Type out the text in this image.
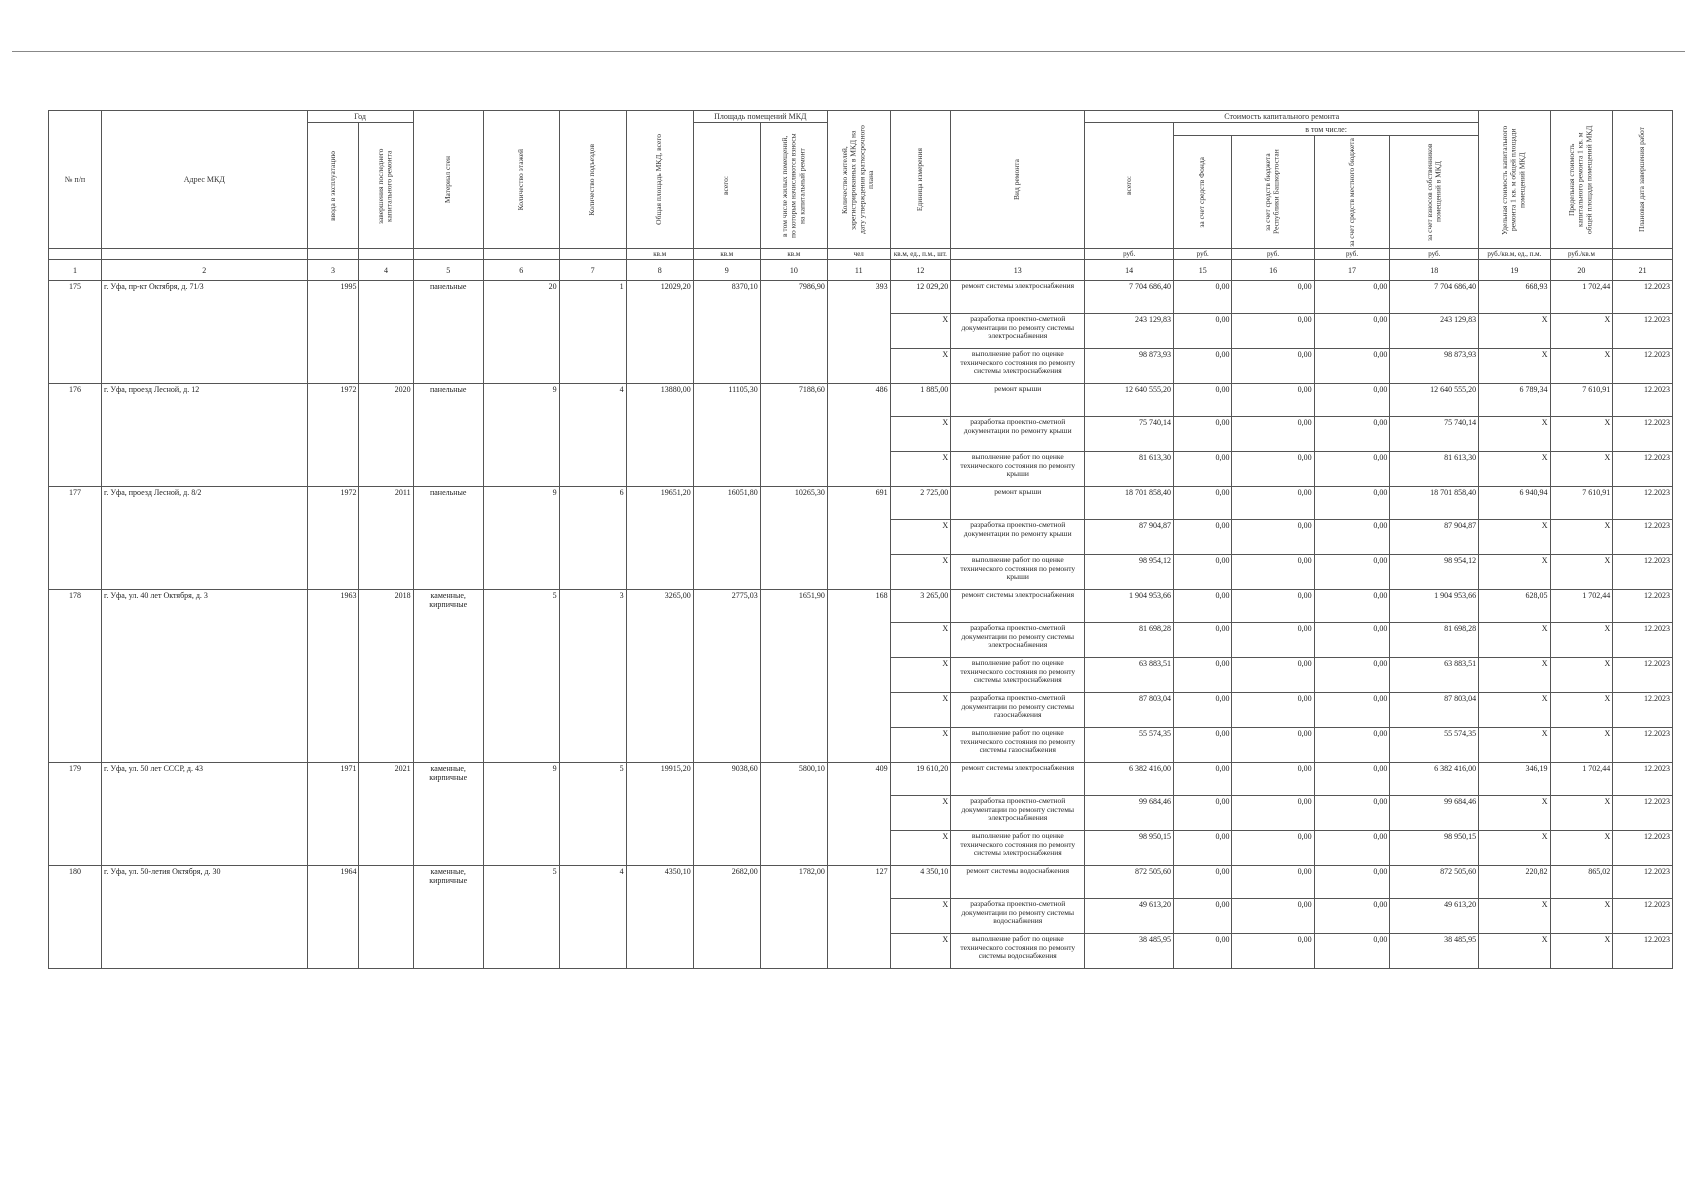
№ п/п	Адрес МКД	Год		Материал стен	Количество этажей	Количество подъездов	Общая площадь МКД, всего	Площадь помещений МКД		Количество жителей, зарегистрированных в МКД на дату утверждения краткосрочного плана	Единица измерения	Вид ремонта	Стоимость капитального ремонта					Удельная стоимость капитального ремонта 1 кв. м общей площади помещений МКД	Предельная стоимость капитального ремонта 1 кв. м общей площади помещений МКД	Плановая дата завершения работ

		ввода в эксплуатацию	завершения последнего капитального ремонта					всего:	в том числе жилых помещений, по которым начисляются взносы на капитальный ремонт				всего:	в том числе:						

														за счет средств Фонда	за счет средств бюджета Республики Башкортостан	за счет средств местного бюджета	за счет взносов собственников помещений в МКД			

							кв.м	кв.м	кв.м	чел	кв.м, ед., п.м., шт.		руб.	руб.	руб.	руб.	руб.	руб./кв.м, ед., п.м.	руб./кв.м	
1	2	3	4	5	6	7	8	9	10	11	12	13	14	15	16	17	18	19	20	21
175	г. Уфа, пр-кт Октября, д. 71/3	1995		панельные	20	1	12029,20	8370,10	7986,90	393	12 029,20	ремонт системы электроснабжения	7 704 686,40	0,00	0,00	0,00	7 704 686,40	668,93	1 702,44	12.2023
											X	разработка проектно-сметной документации по ремонту системы электроснабжения	243 129,83	0,00	0,00	0,00	243 129,83	X	X	12.2023
											X	выполнение работ по оценке технического состояния по ремонту системы электроснабжения	98 873,93	0,00	0,00	0,00	98 873,93	X	X	12.2023
176	г. Уфа, проезд Лесной, д. 12	1972	2020	панельные	9	4	13880,00	11105,30	7188,60	486	1 885,00	ремонт крыши	12 640 555,20	0,00	0,00	0,00	12 640 555,20	6 789,34	7 610,91	12.2023
											X	разработка проектно-сметной документации по ремонту крыши	75 740,14	0,00	0,00	0,00	75 740,14	X	X	12.2023
											X	выполнение работ по оценке технического состояния по ремонту крыши	81 613,30	0,00	0,00	0,00	81 613,30	X	X	12.2023
177	г. Уфа, проезд Лесной, д. 8/2	1972	2011	панельные	9	6	19651,20	16051,80	10265,30	691	2 725,00	ремонт крыши	18 701 858,40	0,00	0,00	0,00	18 701 858,40	6 940,94	7 610,91	12.2023
											X	разработка проектно-сметной документации по ремонту крыши	87 904,87	0,00	0,00	0,00	87 904,87	X	X	12.2023
											X	выполнение работ по оценке технического состояния по ремонту крыши	98 954,12	0,00	0,00	0,00	98 954,12	X	X	12.2023
178	г. Уфа, ул. 40 лет Октября, д. 3	1963	2018	каменные, кирпичные	5	3	3265,00	2775,03	1651,90	168	3 265,00	ремонт системы электроснабжения	1 904 953,66	0,00	0,00	0,00	1 904 953,66	628,05	1 702,44	12.2023
											X	разработка проектно-сметной документации по ремонту системы электроснабжения	81 698,28	0,00	0,00	0,00	81 698,28	X	X	12.2023
											X	выполнение работ по оценке технического состояния по ремонту системы электроснабжения	63 883,51	0,00	0,00	0,00	63 883,51	X	X	12.2023
											X	разработка проектно-сметной документации по ремонту системы газоснабжения	87 803,04	0,00	0,00	0,00	87 803,04	X	X	12.2023
											X	выполнение работ по оценке технического состояния по ремонту системы газоснабжения	55 574,35	0,00	0,00	0,00	55 574,35	X	X	12.2023
179	г. Уфа, ул. 50 лет СССР, д. 43	1971	2021	каменные, кирпичные	9	5	19915,20	9038,60	5800,10	409	19 610,20	ремонт системы электроснабжения	6 382 416,00	0,00	0,00	0,00	6 382 416,00	346,19	1 702,44	12.2023
											X	разработка проектно-сметной документации по ремонту системы электроснабжения	99 684,46	0,00	0,00	0,00	99 684,46	X	X	12.2023
											X	выполнение работ по оценке технического состояния по ремонту системы электроснабжения	98 950,15	0,00	0,00	0,00	98 950,15	X	X	12.2023
180	г. Уфа, ул. 50-летия Октября, д. 30	1964		каменные, кирпичные	5	4	4350,10	2682,00	1782,00	127	4 350,10	ремонт системы водоснабжения	872 505,60	0,00	0,00	0,00	872 505,60	220,82	865,02	12.2023
											X	разработка проектно-сметной документации по ремонту системы водоснабжения	49 613,20	0,00	0,00	0,00	49 613,20	X	X	12.2023
											X	выполнение работ по оценке технического состояния по ремонту системы водоснабжения	38 485,95	0,00	0,00	0,00	38 485,95	X	X	12.2023
